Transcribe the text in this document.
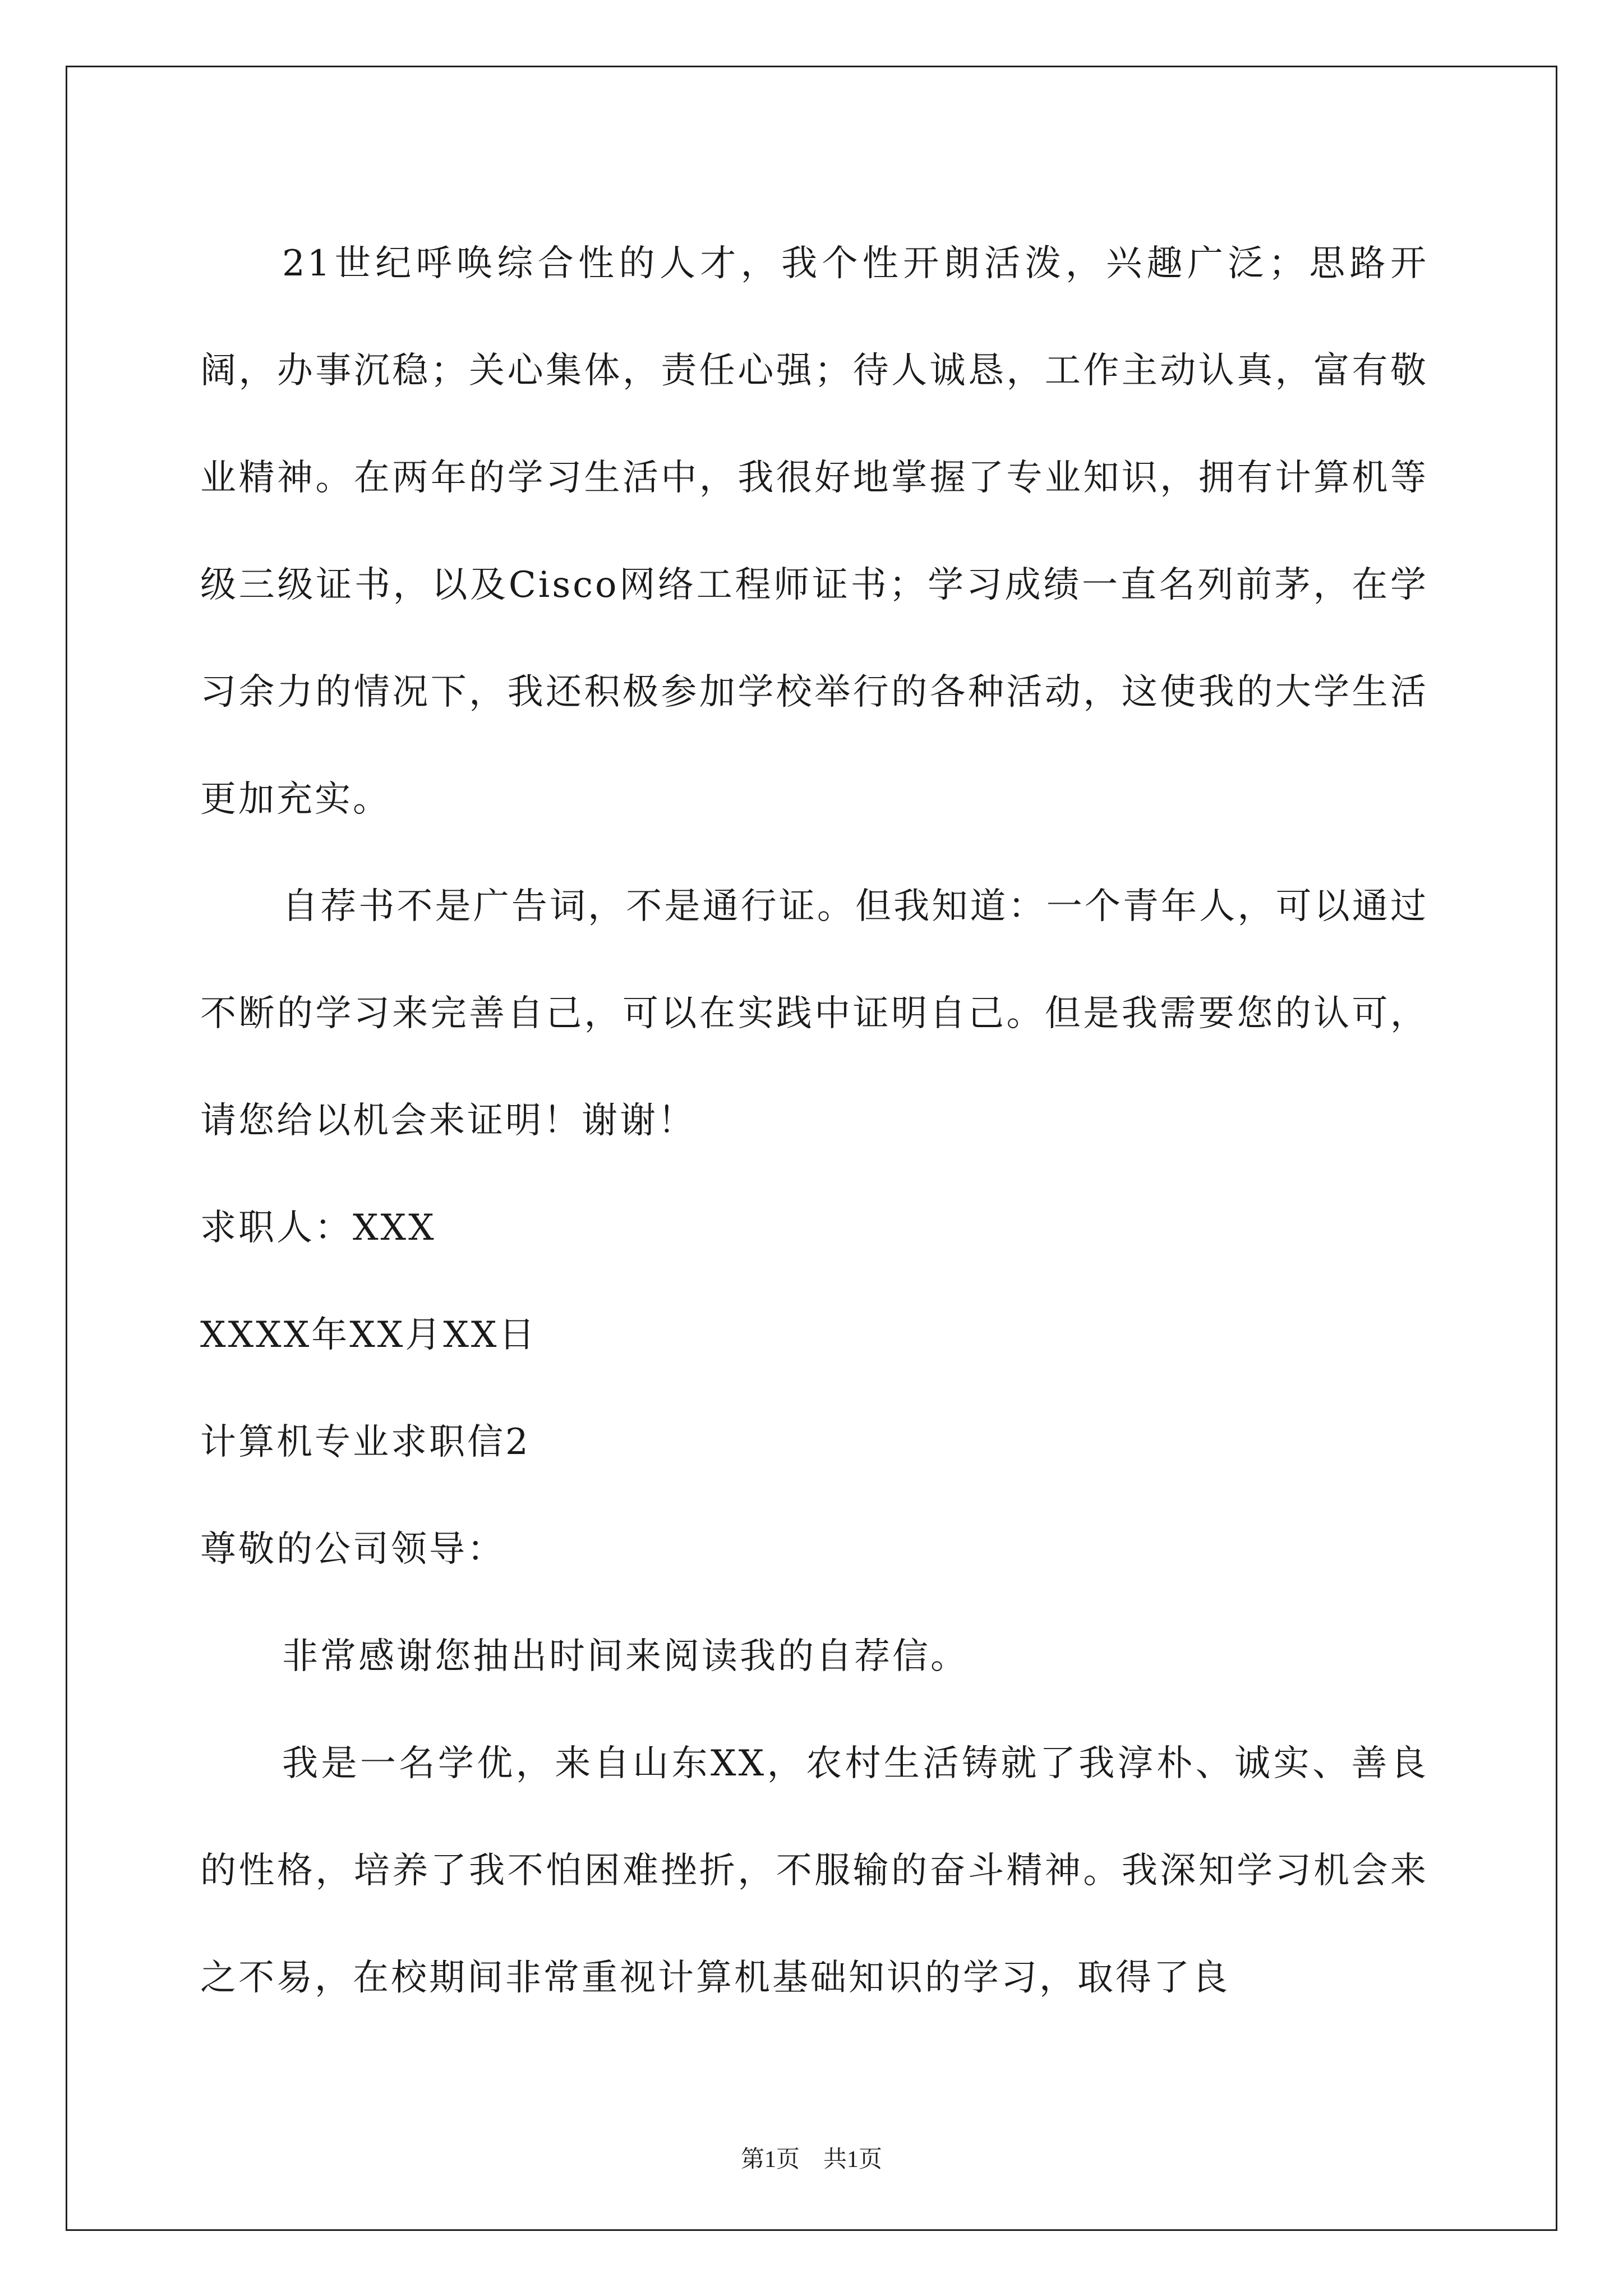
21世纪呼唤综合性的人才，我个性开朗活泼，兴趣广泛；思路开阔，办事沉稳；关心集体，责任心强；待人诚恳，工作主动认真，富有敬业精神。在两年的学习生活中，我很好地掌握了专业知识，拥有计算机等级三级证书，以及Cisco网络工程师证书；学习成绩一直名列前茅，在学习余力的情况下，我还积极参加学校举行的各种活动，这使我的大学生活更加充实。

自荐书不是广告词，不是通行证。但我知道：一个青年人，可以通过不断的学习来完善自己，可以在实践中证明自己。但是我需要您的认可，请您给以机会来证明！谢谢！

求职人：XXX
XXXX年XX月XX日
计算机专业求职信2
尊敬的公司领导：

非常感谢您抽出时间来阅读我的自荐信。

我是一名学优，来自山东XX，农村生活铸就了我淳朴、诚实、善良的性格，培养了我不怕困难挫折，不服输的奋斗精神。我深知学习机会来之不易，在校期间非常重视计算机基础知识的学习，取得了良

第1页 共1页
